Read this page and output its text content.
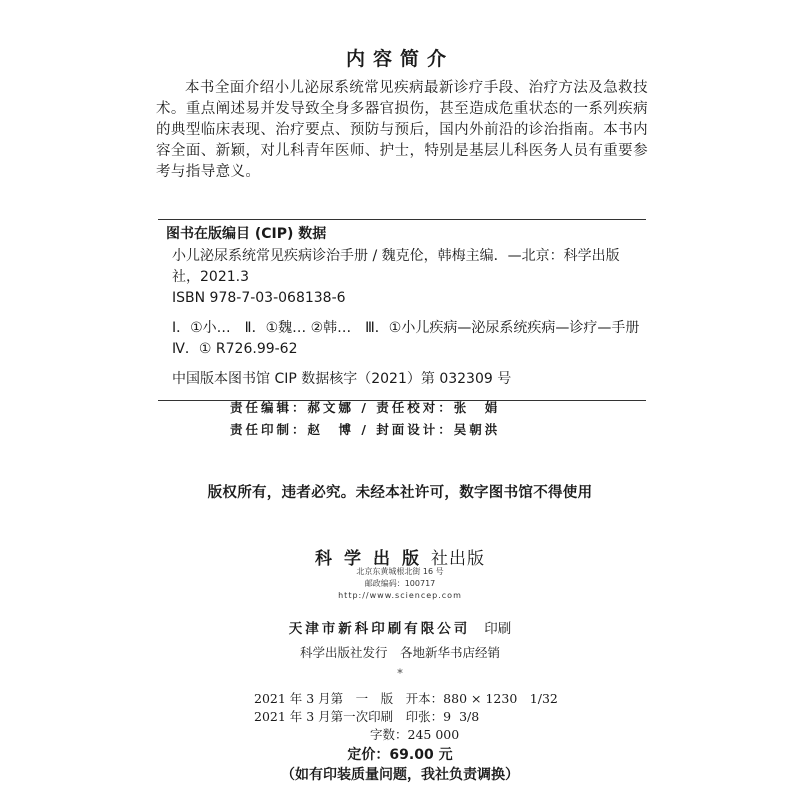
内容简介
本书全面介绍小儿泌尿系统常见疾病最新诊疗手段、治疗方法及急救技术。重点阐述易并发导致全身多器官损伤，甚至造成危重状态的一系列疾病的典型临床表现、治疗要点、预防与预后，国内外前沿的诊治指南。本书内容全面、新颖，对儿科青年医师、护士，特别是基层儿科医务人员有重要参考与指导意义。
图书在版编目 (CIP) 数据
小儿泌尿系统常见疾病诊治手册 / 魏克伦，韩梅主编．—北京：科学出版社，2021.3
ISBN 978-7-03-068138-6
Ⅰ．①小…　Ⅱ．①魏… ②韩…　Ⅲ．①小儿疾病—泌尿系统疾病—诊疗—手册　Ⅳ．① R726.99-62
中国版本图书馆 CIP 数据核字（2021）第 032309 号
责任编辑：郝文娜 / 责任校对：张　娟
责任印制：赵　博 / 封面设计：吴朝洪
版权所有，违者必究。未经本社许可，数字图书馆不得使用
科学出版社出版
北京东黄城根北街 16 号
邮政编码：100717
http://www.sciencep.com
天津市新科印刷有限公司 印刷
科学出版社发行　各地新华书店经销
*
2021 年 3 月第　一　版　开本：880 × 1230　1/32
2021 年 3 月第一次印刷　印张：9  3/8
字数：245 000
定价：69.00 元
（如有印装质量问题，我社负责调换）
